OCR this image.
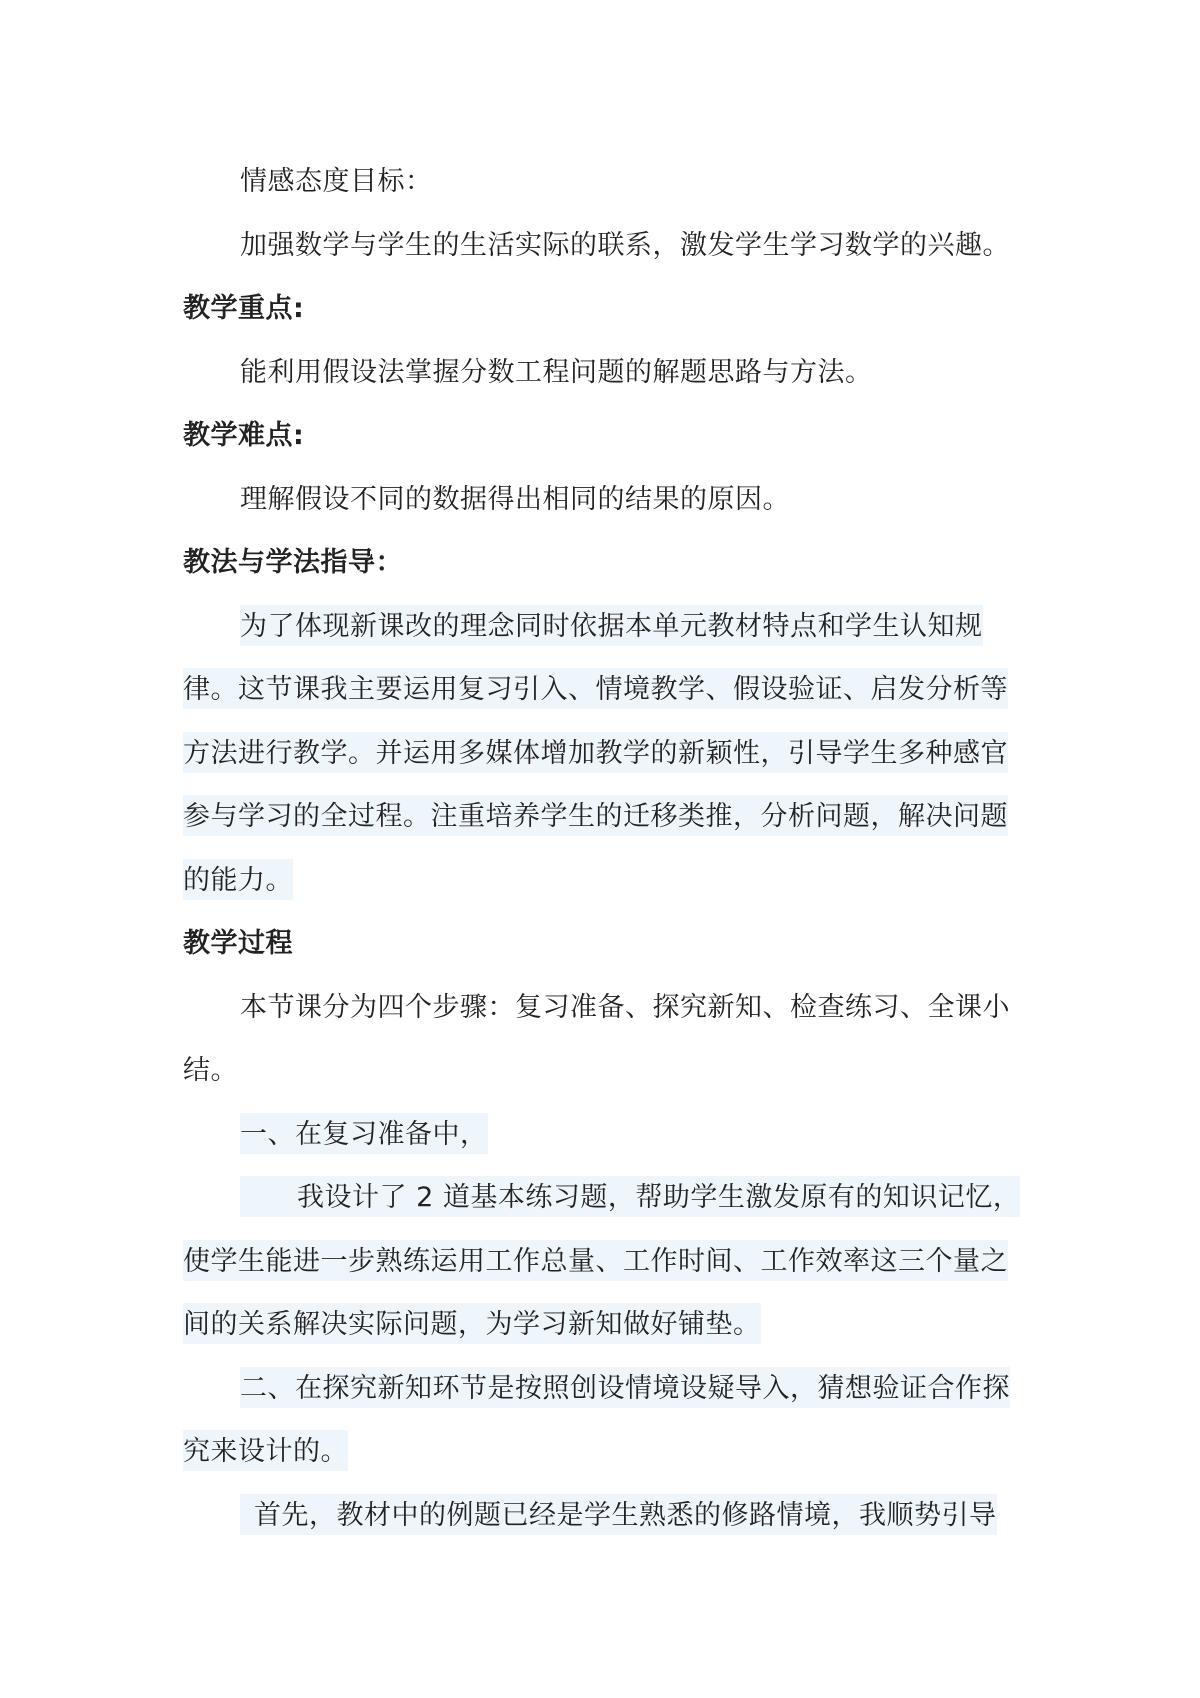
情感态度目标：
加强数学与学生的生活实际的联系，激发学生学习数学的兴趣。
教学重点:
能利用假设法掌握分数工程问题的解题思路与方法。
教学难点:
理解假设不同的数据得出相同的结果的原因。
教法与学法指导：
为了体现新课改的理念同时依据本单元教材特点和学生认知规
律。这节课我主要运用复习引入、情境教学、假设验证、启发分析等
方法进行教学。并运用多媒体增加教学的新颖性，引导学生多种感官
参与学习的全过程。注重培养学生的迁移类推，分析问题，解决问题
的能力。
教学过程
本节课分为四个步骤：复习准备、探究新知、检查练习、全课小
结。
一、在复习准备中，
我设计了 2 道基本练习题，帮助学生激发原有的知识记忆，
使学生能进一步熟练运用工作总量、工作时间、工作效率这三个量之
间的关系解决实际问题，为学习新知做好铺垫。
二、在探究新知环节是按照创设情境设疑导入，猜想验证合作探
究来设计的。
首先，教材中的例题已经是学生熟悉的修路情境，我顺势引导
